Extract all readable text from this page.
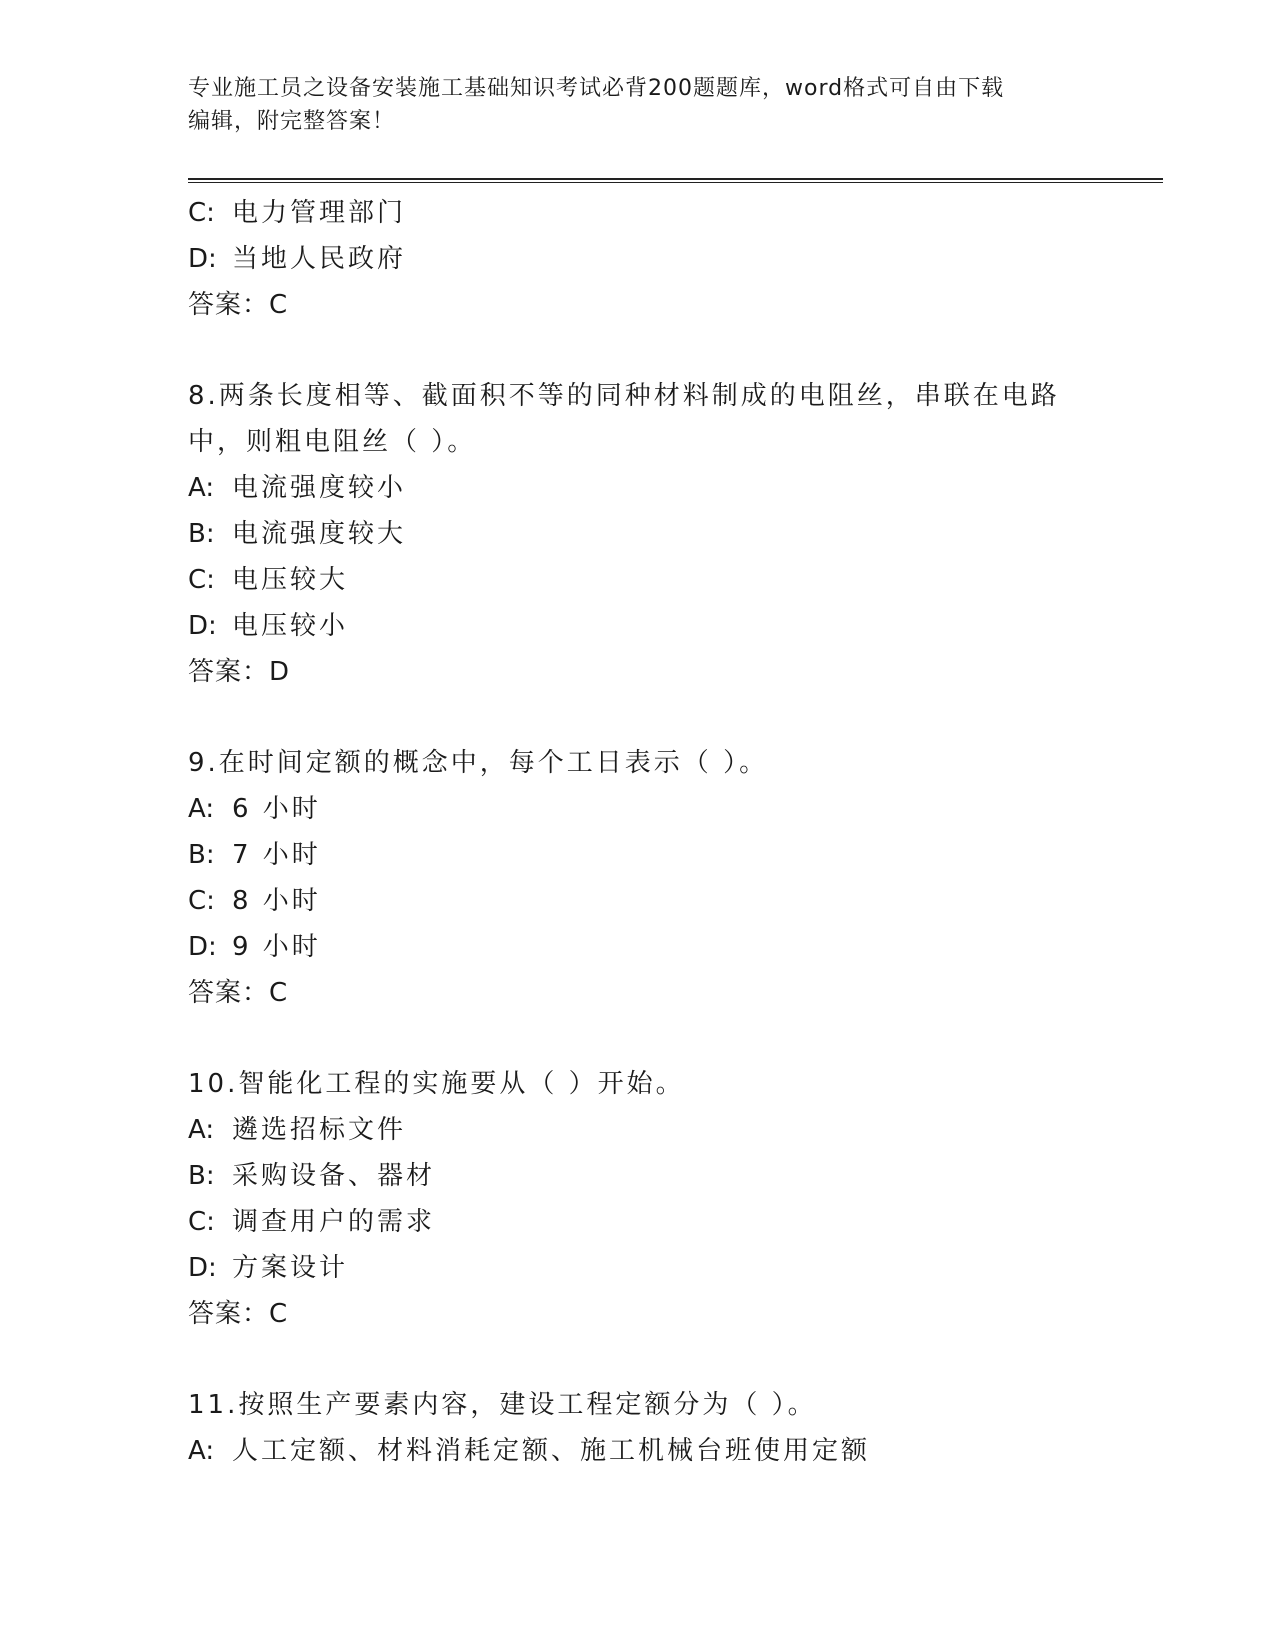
专业施工员之设备安装施工基础知识考试必背200题题库，word格式可自由下载
编辑，附完整答案！
C: 电力管理部门
D: 当地人民政府
答案：C
8.两条长度相等、截面积不等的同种材料制成的电阻丝，串联在电路
中，则粗电阻丝（ ）。
A: 电流强度较小
B: 电流强度较大
C: 电压较大
D: 电压较小
答案：D
9.在时间定额的概念中，每个工日表示（ ）。
A: 6 小时
B: 7 小时
C: 8 小时
D: 9 小时
答案：C
10.智能化工程的实施要从（ ）开始。
A: 遴选招标文件
B: 采购设备、器材
C: 调查用户的需求
D: 方案设计
答案：C
11.按照生产要素内容，建设工程定额分为（ ）。
A: 人工定额、材料消耗定额、施工机械台班使用定额
